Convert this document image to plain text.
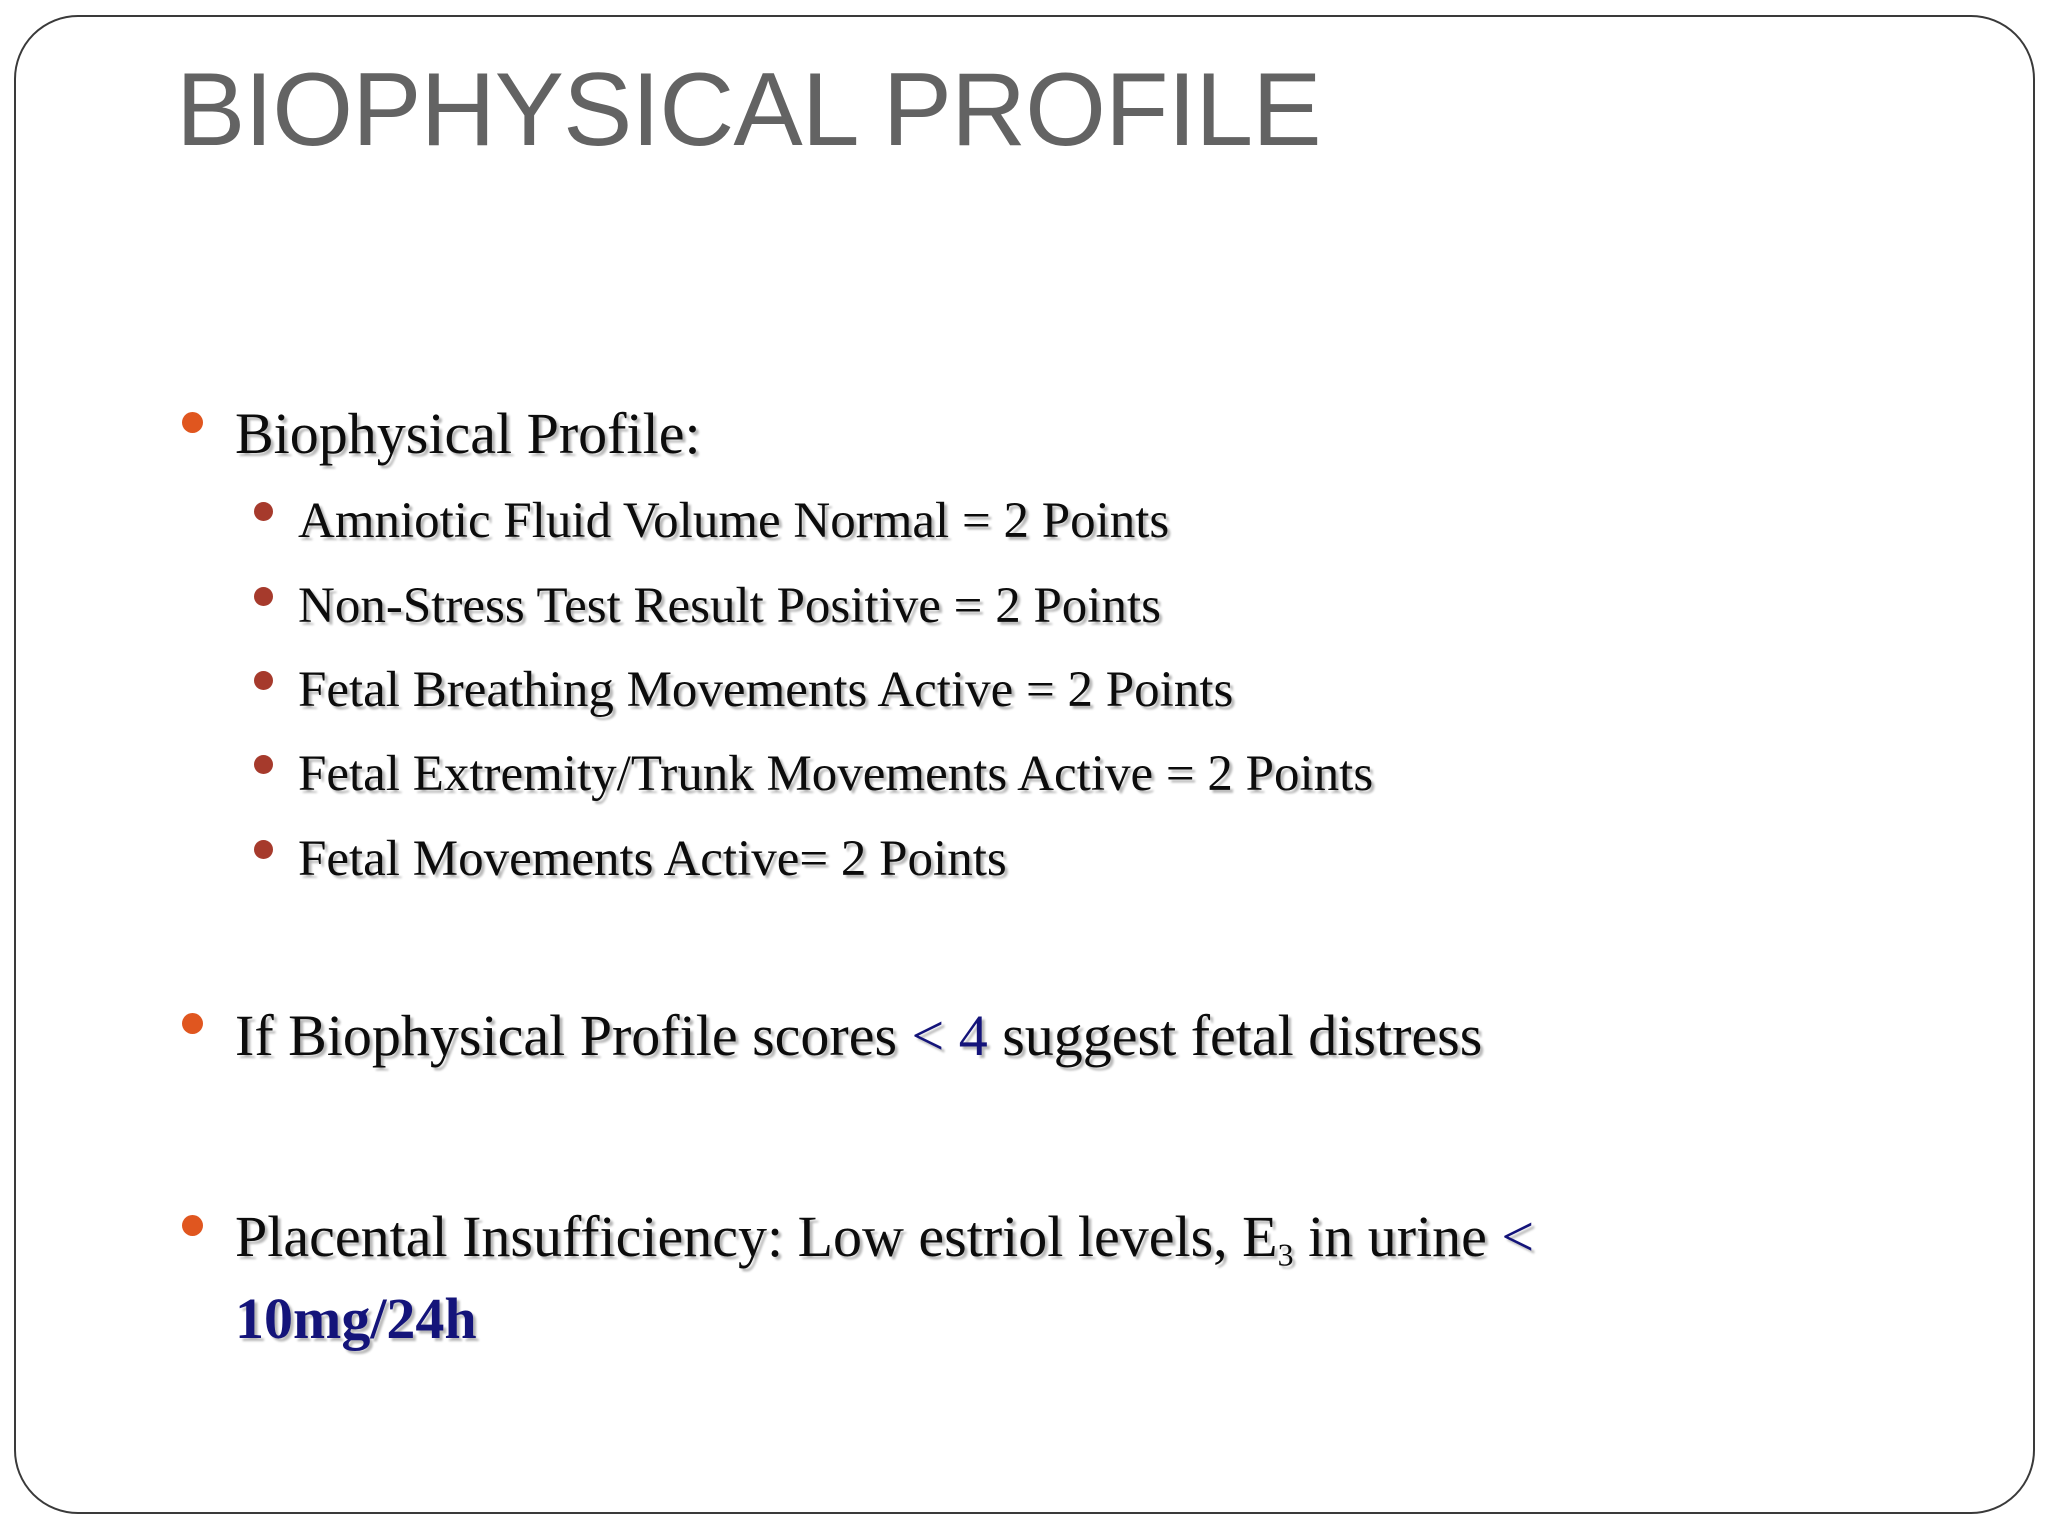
BIOPHYSICAL PROFILE

Biophysical Profile:

Amniotic Fluid Volume Normal = 2 Points

Non-Stress Test Result Positive = 2 Points

Fetal Breathing Movements Active = 2 Points

Fetal Extremity/Trunk Movements Active = 2 Points

Fetal Movements Active= 2 Points

If Biophysical Profile scores < 4 suggest fetal distress

Placental Insufficiency: Low estriol levels, $E_3$ in urine <

10mg/24h
